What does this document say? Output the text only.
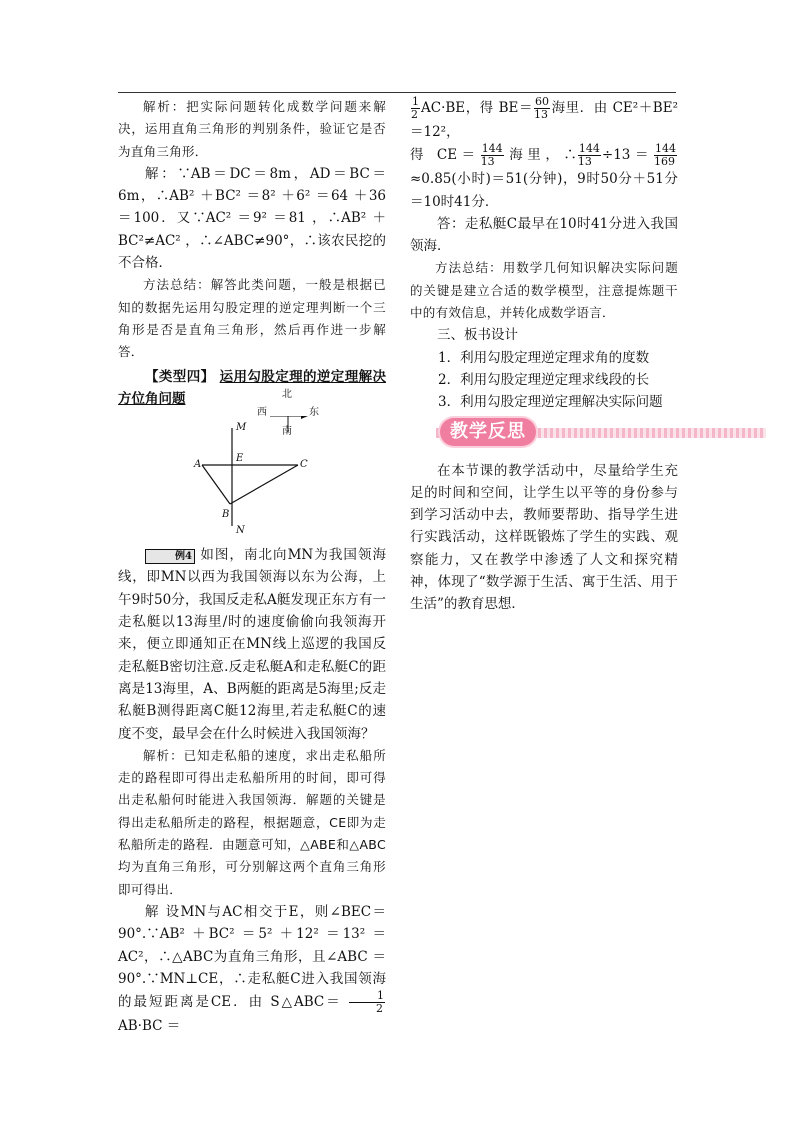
解析：把实际问题转化成数学问题来解决，运用直角三角形的判别条件，验证它是否为直角三角形．

解：∵AB＝DC＝8m，AD＝BC＝6m，∴AB² ＋BC² ＝8² ＋6² ＝64 ＋36 ＝100．又∵AC² ＝9² ＝81 ，∴AB² ＋BC²≠AC² ，∴∠ABC≠90°，∴该农民挖的不合格．

方法总结：解答此类问题，一般是根据已知的数据先运用勾股定理的逆定理判断一个三角形是否是直角三角形，然后再作进一步解答．

【类型四】 运用勾股定理的逆定理解决方位角问题	北
西	东
南
M
E
A	C
B
N

例4 如图，南北向MN为我国领海线，即MN以西为我国领海以东为公海，上午9时50分，我国反走私A艇发现正东方有一走私艇以13海里/时的速度偷偷向我领海开来，便立即通知正在MN线上巡逻的我国反走私艇B密切注意.反走私艇A和走私艇C的距离是13海里，A、B两艇的距离是5海里;反走私艇B测得距离C艇12海里,若走私艇C的速度不变，最早会在什么时候进入我国领海？

解析：已知走私船的速度，求出走私船所走的路程即可得出走私船所用的时间，即可得出走私船何时能进入我国领海．解题的关键是得出走私船所走的路程，根据题意，CE即为走私船所走的路程．由题意可知，△ABE和△ABC均为直角三角形，可分别解这两个直角三角形即可得出．

解 设MN与AC相交于E，则∠BEC＝90°.∵AB² ＋BC² ＝5² ＋12² ＝13² ＝AC²，∴△ABC为直角三角形，且∠ABC ＝90°.∵MN⊥CE，∴走私艇C进入我国领海的最短距离是CE．由 S△ABC＝ $\frac{1}{2}$
AB·BC ＝

$\frac{1}{2} AC\cdot BE$，得 $BE= \frac{60}{13}$ 海里．由 CE²＋BE²＝12²，

得 $CE= \frac{144}{13}$ 海里，∴ $\frac{144}{13} \div 13= \frac{144}{169}$
≈0.85(小时)＝51(分钟)，9时50分＋51分＝10时41分．

答：走私艇C最早在10时41分进入我国领海．

方法总结：用数学几何知识解决实际问题的关键是建立合适的数学模型，注意提炼题干中的有效信息，并转化成数学语言．

三、板书设计

1．利用勾股定理逆定理求角的度数

2．利用勾股定理逆定理求线段的长

3．利用勾股定理逆定理解决实际问题

教学反思

在本节课的教学活动中，尽量给学生充足的时间和空间，让学生以平等的身份参与到学习活动中去，教师要帮助、指导学生进行实践活动，这样既锻炼了学生的实践、观察能力，又在教学中渗透了人文和探究精神，体现了“数学源于生活、寓于生活、用于生活”的教育思想．
